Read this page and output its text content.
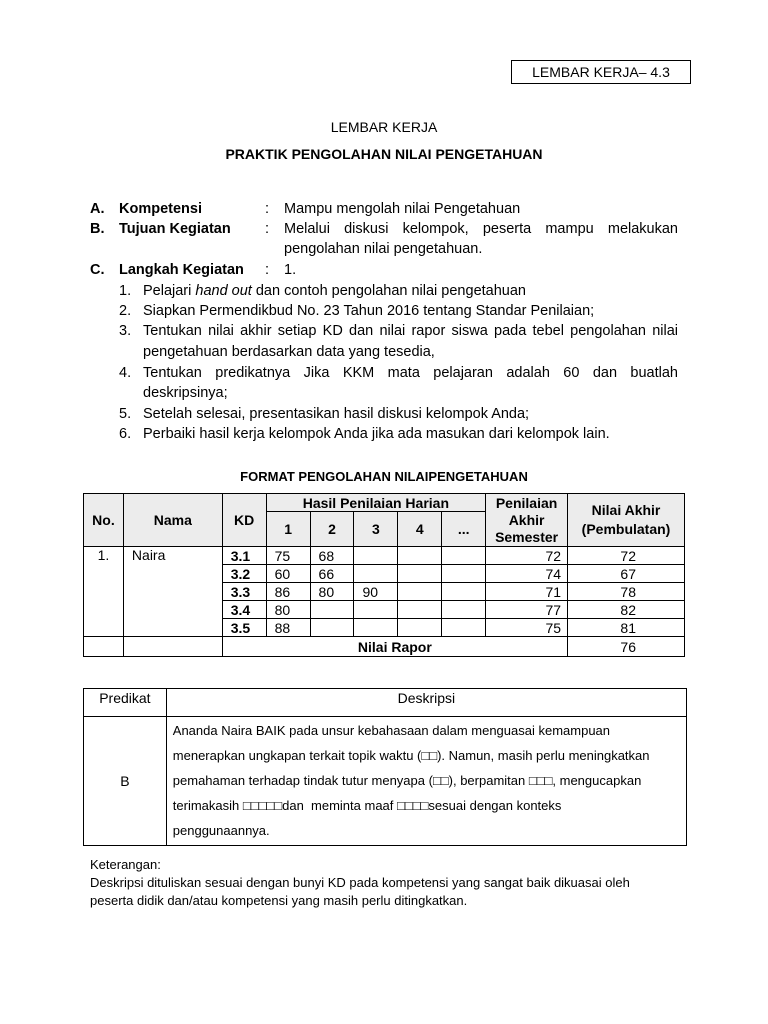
LEMBAR KERJA– 4.3
LEMBAR KERJA
PRAKTIK PENGOLAHAN NILAI PENGETAHUAN
A. Kompetensi	: Mampu mengolah nilai Pengetahuan
B. Tujuan Kegiatan : Melalui diskusi kelompok, peserta mampu melakukan
pengolahan nilai pengetahuan.
C. Langkah Kegiatan : 1.
1. Pelajari hand out dan contoh pengolahan nilai pengetahuan
2. Siapkan Permendikbud No. 23 Tahun 2016 tentang Standar Penilaian;
3. Tentukan nilai akhir setiap KD dan nilai rapor siswa pada tebel pengolahan nilai
pengetahuan berdasarkan data yang tesedia,
4. Tentukan predikatnya Jika KKM mata pelajaran adalah 60 dan buatlah
deskripsinya;
5. Setelah selesai, presentasikan hasil diskusi kelompok Anda;
6. Perbaiki hasil kerja kelompok Anda jika ada masukan dari kelompok lain.
FORMAT PENGOLAHAN NILAIPENGETAHUAN
No.	Nama	KD	Hasil Penilaian Harian					Penilaian Akhir Semester	Nilai Akhir (Pembulatan)
			1	2	3	4	...		
1.	Naira	3.1	75	68				72	72
		3.2	60	66				74	67
		3.3	86	80	90			71	78
		3.4	80					77	82
		3.5	88					75	81
		Nilai Rapor							76
Predikat	Deskripsi
B	Ananda Naira BAIK pada unsur kebahasaan dalam menguasai kemampuan
menerapkan ungkapan terkait topik waktu (□□). Namun, masih perlu meningkatkan
pemahaman terhadap tindak tutur menyapa (□□), berpamitan □□□, mengucapkan
terimakasih □□□□□dan  meminta maaf □□□□sesuai dengan konteks
penggunaannya.
Keterangan:
Deskripsi dituliskan sesuai dengan bunyi KD pada kompetensi yang sangat baik dikuasai oleh
peserta didik dan/atau kompetensi yang masih perlu ditingkatkan.
